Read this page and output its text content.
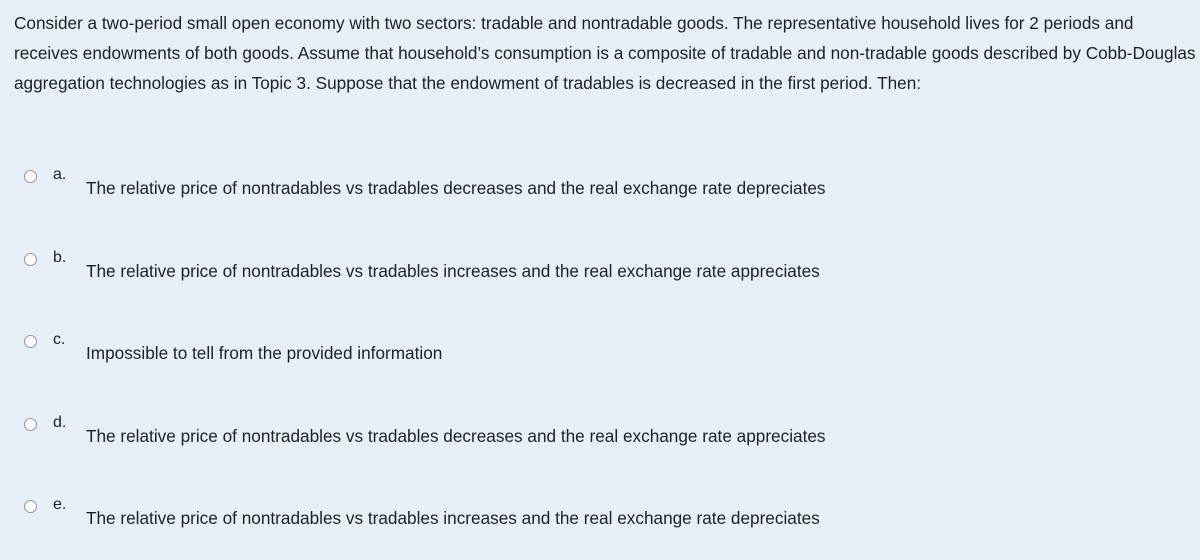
Consider a two-period small open economy with two sectors: tradable and nontradable goods. The representative household lives for 2 periods and receives endowments of both goods. Assume that household’s consumption is a composite of tradable and non-tradable goods described by Cobb-Douglas aggregation technologies as in Topic 3. Suppose that the endowment of tradables is decreased in the first period. Then:
a.
The relative price of nontradables vs tradables decreases and the real exchange rate depreciates
b.
The relative price of nontradables vs tradables increases and the real exchange rate appreciates
c.
Impossible to tell from the provided information
d.
The relative price of nontradables vs tradables decreases and the real exchange rate appreciates
e.
The relative price of nontradables vs tradables increases and the real exchange rate depreciates
